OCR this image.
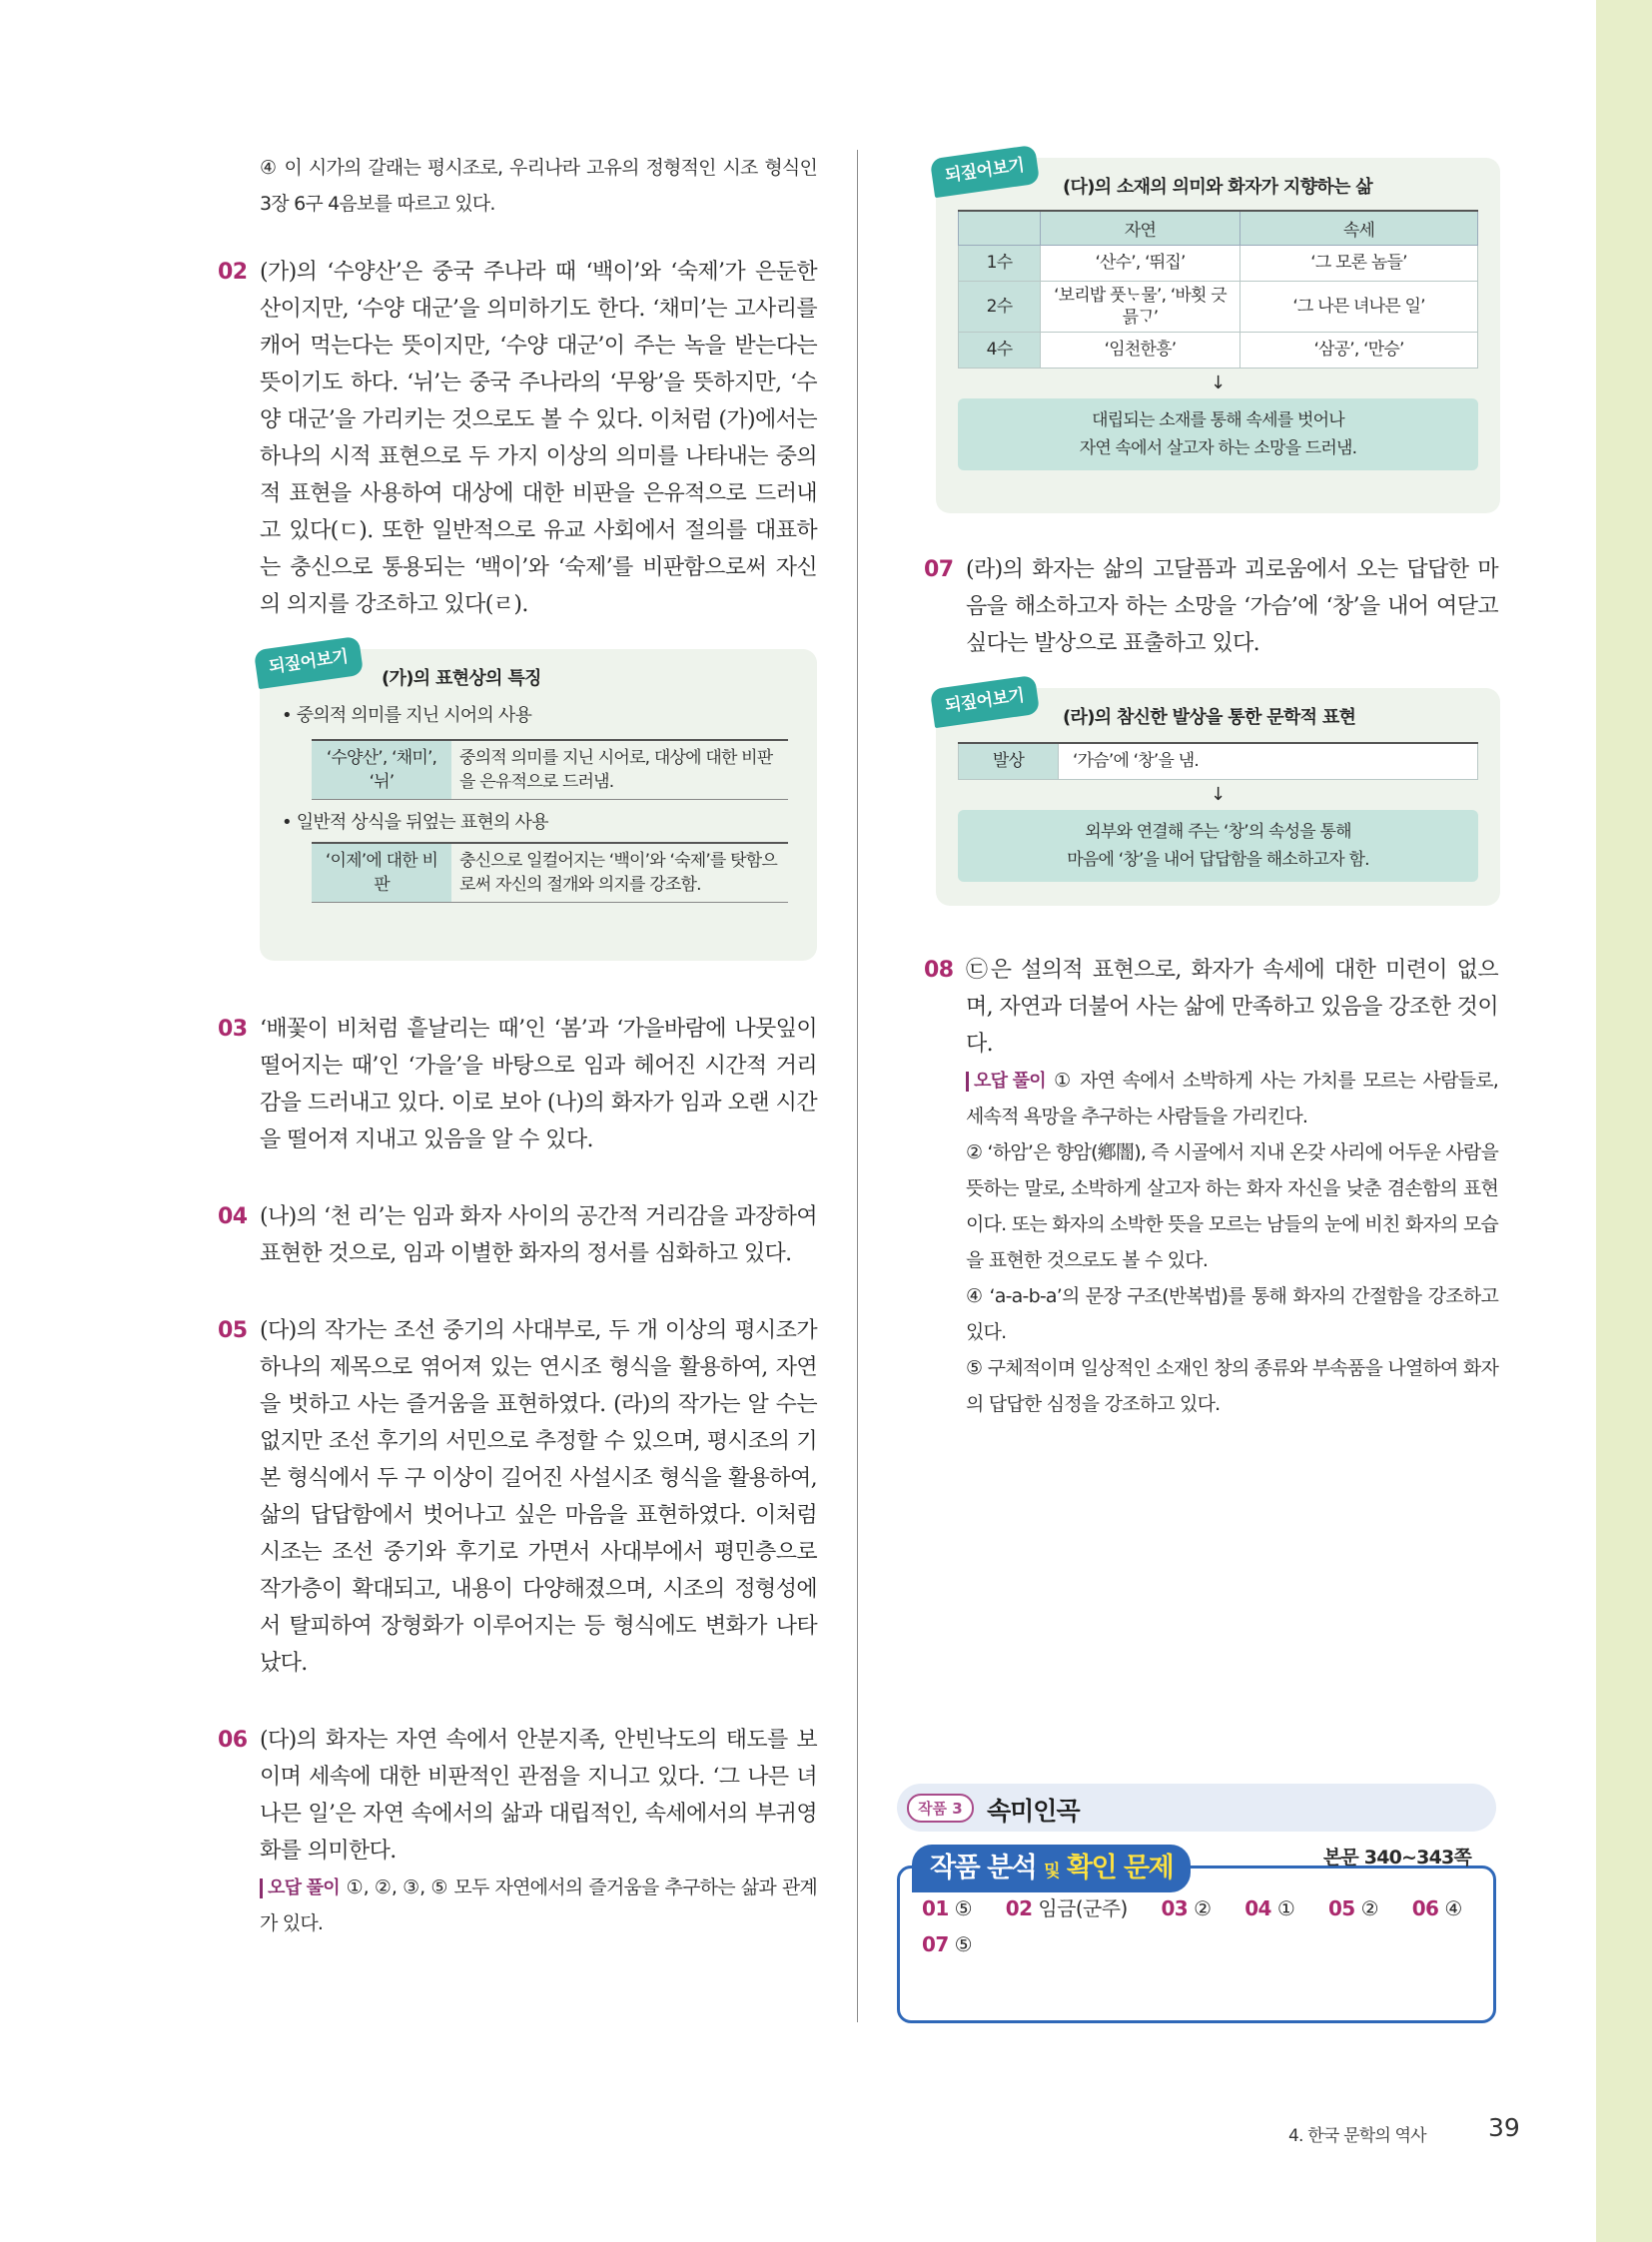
④ 이 시가의 갈래는 평시조로, 우리나라 고유의 정형적인 시조 형식인 3장 6구 4음보를 따르고 있다.

02 (가)의 ‘수양산’은 중국 주나라 때 ‘백이’와 ‘숙제’가 은둔한 산이지만, ‘수양 대군’을 의미하기도 한다. ‘채미’는 고사리를 캐어 먹는다는 뜻이지만, ‘수양 대군’이 주는 녹을 받는다는 뜻이기도 하다. ‘뉘’는 중국 주나라의 ‘무왕’을 뜻하지만, ‘수양 대군’을 가리키는 것으로도 볼 수 있다. 이처럼 (가)에서는 하나의 시적 표현으로 두 가지 이상의 의미를 나타내는 중의적 표현을 사용하여 대상에 대한 비판을 은유적으로 드러내고 있다(ㄷ). 또한 일반적으로 유교 사회에서 절의를 대표하는 충신으로 통용되는 ‘백이’와 ‘숙제’를 비판함으로써 자신의 의지를 강조하고 있다(ㄹ).

되짚어보기
(가)의 표현상의 특징
• 중의적 의미를 지닌 시어의 사용
‘수양산’, ‘채미’, ‘뉘’	중의적 의미를 지닌 시어로, 대상에 대한 비판을 은유적으로 드러냄.
• 일반적 상식을 뒤엎는 표현의 사용
‘이제’에 대한 비판	충신으로 일컬어지는 ‘백이’와 ‘숙제’를 탓함으로써 자신의 절개와 의지를 강조함.
03 ‘배꽃이 비처럼 흩날리는 때’인 ‘봄’과 ‘가을바람에 나뭇잎이 떨어지는 때’인 ‘가을’을 바탕으로 임과 헤어진 시간적 거리감을 드러내고 있다. 이로 보아 (나)의 화자가 임과 오랜 시간을 떨어져 지내고 있음을 알 수 있다.

04 (나)의 ‘천 리’는 임과 화자 사이의 공간적 거리감을 과장하여 표현한 것으로, 임과 이별한 화자의 정서를 심화하고 있다.

05 (다)의 작가는 조선 중기의 사대부로, 두 개 이상의 평시조가 하나의 제목으로 엮어져 있는 연시조 형식을 활용하여, 자연을 벗하고 사는 즐거움을 표현하였다. (라)의 작가는 알 수는 없지만 조선 후기의 서민으로 추정할 수 있으며, 평시조의 기본 형식에서 두 구 이상이 길어진 사설시조 형식을 활용하여, 삶의 답답함에서 벗어나고 싶은 마음을 표현하였다. 이처럼 시조는 조선 중기와 후기로 가면서 사대부에서 평민층으로 작가층이 확대되고, 내용이 다양해졌으며, 시조의 정형성에서 탈피하여 장형화가 이루어지는 등 형식에도 변화가 나타났다.

06 (다)의 화자는 자연 속에서 안분지족, 안빈낙도의 태도를 보이며 세속에 대한 비판적인 관점을 지니고 있다. ‘그 나믄 녀나믄 일’은 자연 속에서의 삶과 대립적인, 속세에서의 부귀영화를 의미한다.

오답 풀이 ①, ②, ③, ⑤ 모두 자연에서의 즐거움을 추구하는 삶과 관계가 있다.

되짚어보기
(다)의 소재의 의미와 화자가 지향하는 삶
	자연	속세
1수	‘산수’, ‘뛰집’	‘그 모론 놈들’
2수	‘보리밥 풋ᄂᆞ물’, ‘바횟 긋 믉ᄀᆞ’	‘그 나믄 녀나믄 일’
4수	‘임천한흥’	‘삼공’, ‘만승’
↓
대립되는 소재를 통해 속세를 벗어나
자연 속에서 살고자 하는 소망을 드러냄.
07 (라)의 화자는 삶의 고달픔과 괴로움에서 오는 답답한 마음을 해소하고자 하는 소망을 ‘가슴’에 ‘창’을 내어 여닫고 싶다는 발상으로 표출하고 있다.

되짚어보기
(라)의 참신한 발상을 통한 문학적 표현
발상	‘가슴’에 ‘창’을 냄.
↓
외부와 연결해 주는 ‘창’의 속성을 통해
마음에 ‘창’을 내어 답답함을 해소하고자 함.
08 ㉢은 설의적 표현으로, 화자가 속세에 대한 미련이 없으며, 자연과 더불어 사는 삶에 만족하고 있음을 강조한 것이다.

오답 풀이 ① 자연 속에서 소박하게 사는 가치를 모르는 사람들로, 세속적 욕망을 추구하는 사람들을 가리킨다.

② ‘하암’은 향암(鄕闇), 즉 시골에서 지내 온갖 사리에 어두운 사람을 뜻하는 말로, 소박하게 살고자 하는 화자 자신을 낮춘 겸손함의 표현이다. 또는 화자의 소박한 뜻을 모르는 남들의 눈에 비친 화자의 모습을 표현한 것으로도 볼 수 있다.

④ ‘a-a-b-a’의 문장 구조(반복법)를 통해 화자의 간절함을 강조하고 있다.

⑤ 구체적이며 일상적인 소재인 창의 종류와 부속품을 나열하여 화자의 답답한 심정을 강조하고 있다.

작품 3 속미인곡
작품 분석 및 확인 문제	본문 340~343쪽
01 ⑤ 02 임금(군주) 03 ② 04 ① 05 ② 06 ④
07 ⑤
4. 한국 문학의 역사 39
